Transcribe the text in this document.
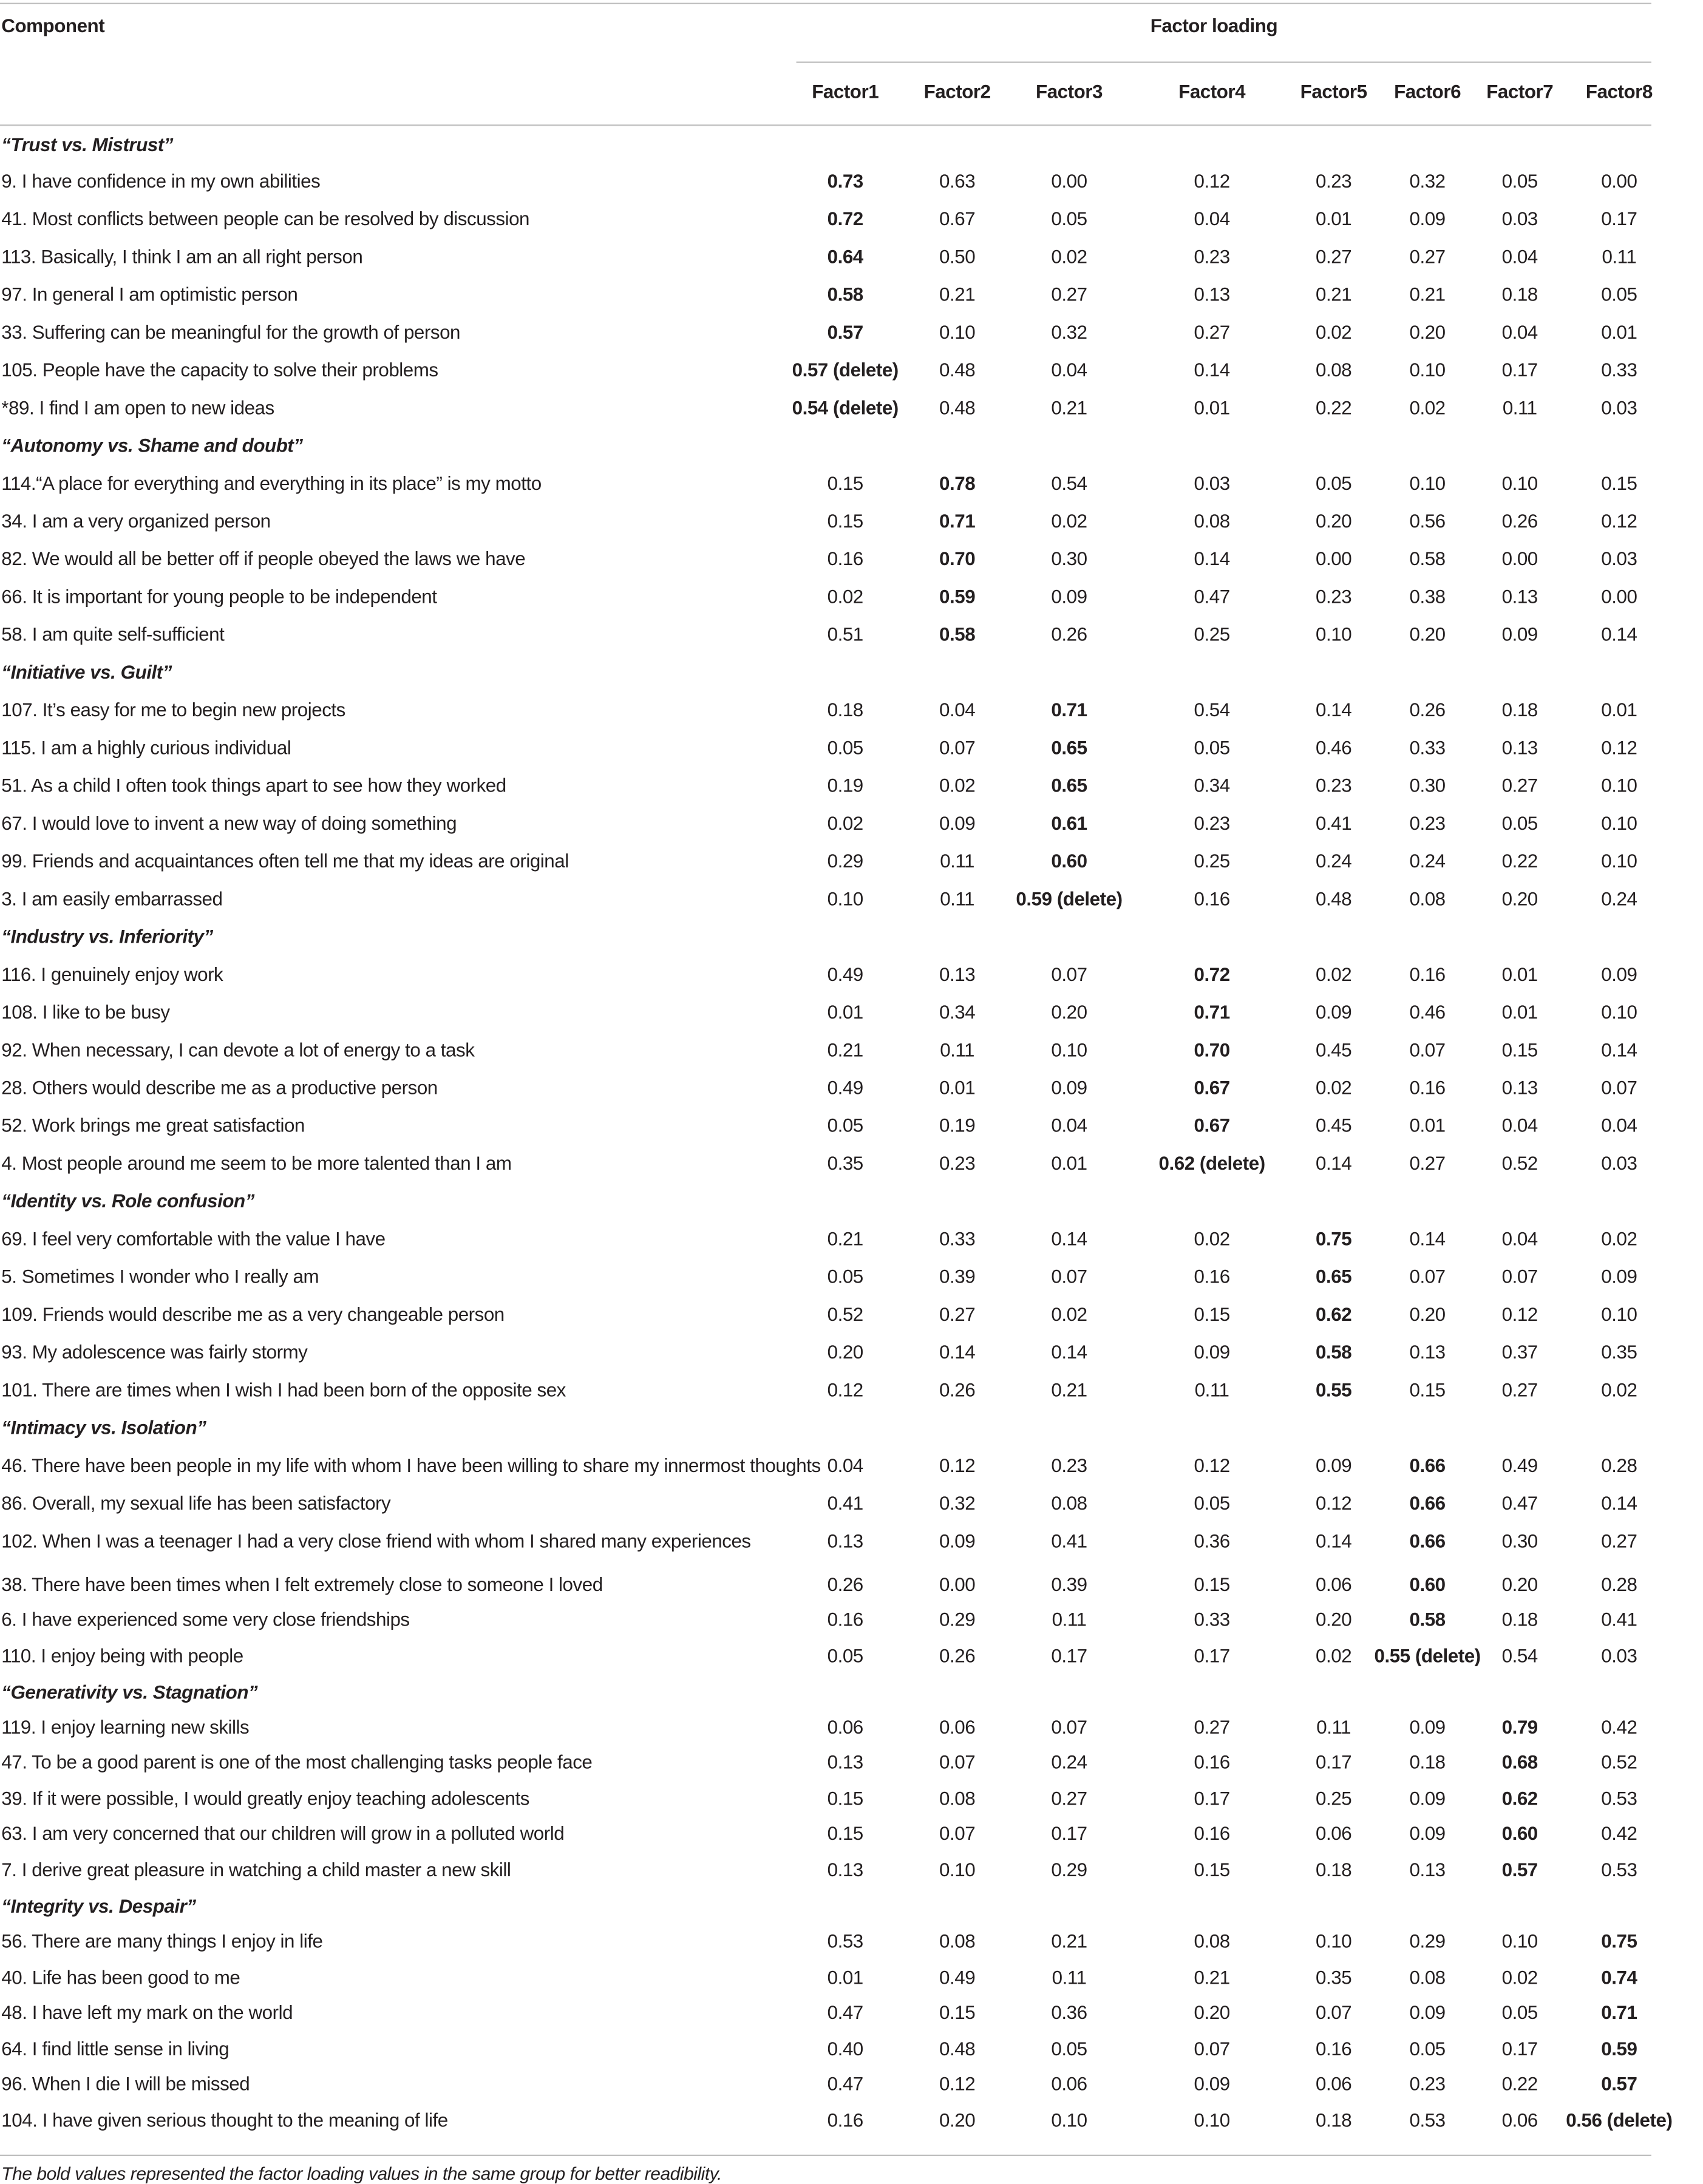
Component	Factor loading
Factor1	Factor2	Factor3	Factor4	Factor5	Factor6	Factor7	Factor8
“Trust vs. Mistrust”
9. I have confidence in my own abilities	0.73	0.63	0.00	0.12	0.23	0.32	0.05	0.00
41. Most conflicts between people can be resolved by discussion	0.72	0.67	0.05	0.04	0.01	0.09	0.03	0.17
113. Basically, I think I am an all right person	0.64	0.50	0.02	0.23	0.27	0.27	0.04	0.11
97. In general I am optimistic person	0.58	0.21	0.27	0.13	0.21	0.21	0.18	0.05
33. Suffering can be meaningful for the growth of person	0.57	0.10	0.32	0.27	0.02	0.20	0.04	0.01
105. People have the capacity to solve their problems	0.57 (delete)	0.48	0.04	0.14	0.08	0.10	0.17	0.33
*89. I find I am open to new ideas	0.54 (delete)	0.48	0.21	0.01	0.22	0.02	0.11	0.03
“Autonomy vs. Shame and doubt”
114.“A place for everything and everything in its place” is my motto	0.15	0.78	0.54	0.03	0.05	0.10	0.10	0.15
34. I am a very organized person	0.15	0.71	0.02	0.08	0.20	0.56	0.26	0.12
82. We would all be better off if people obeyed the laws we have	0.16	0.70	0.30	0.14	0.00	0.58	0.00	0.03
66. It is important for young people to be independent	0.02	0.59	0.09	0.47	0.23	0.38	0.13	0.00
58. I am quite self-sufficient	0.51	0.58	0.26	0.25	0.10	0.20	0.09	0.14
“Initiative vs. Guilt”
107. It’s easy for me to begin new projects	0.18	0.04	0.71	0.54	0.14	0.26	0.18	0.01
115. I am a highly curious individual	0.05	0.07	0.65	0.05	0.46	0.33	0.13	0.12
51. As a child I often took things apart to see how they worked	0.19	0.02	0.65	0.34	0.23	0.30	0.27	0.10
67. I would love to invent a new way of doing something	0.02	0.09	0.61	0.23	0.41	0.23	0.05	0.10
99. Friends and acquaintances often tell me that my ideas are original	0.29	0.11	0.60	0.25	0.24	0.24	0.22	0.10
3. I am easily embarrassed	0.10	0.11	0.59 (delete)	0.16	0.48	0.08	0.20	0.24
“Industry vs. Inferiority”
116. I genuinely enjoy work	0.49	0.13	0.07	0.72	0.02	0.16	0.01	0.09
108. I like to be busy	0.01	0.34	0.20	0.71	0.09	0.46	0.01	0.10
92. When necessary, I can devote a lot of energy to a task	0.21	0.11	0.10	0.70	0.45	0.07	0.15	0.14
28. Others would describe me as a productive person	0.49	0.01	0.09	0.67	0.02	0.16	0.13	0.07
52. Work brings me great satisfaction	0.05	0.19	0.04	0.67	0.45	0.01	0.04	0.04
4. Most people around me seem to be more talented than I am	0.35	0.23	0.01	0.62 (delete)	0.14	0.27	0.52	0.03
“Identity vs. Role confusion”
69. I feel very comfortable with the value I have	0.21	0.33	0.14	0.02	0.75	0.14	0.04	0.02
5. Sometimes I wonder who I really am	0.05	0.39	0.07	0.16	0.65	0.07	0.07	0.09
109. Friends would describe me as a very changeable person	0.52	0.27	0.02	0.15	0.62	0.20	0.12	0.10
93. My adolescence was fairly stormy	0.20	0.14	0.14	0.09	0.58	0.13	0.37	0.35
101. There are times when I wish I had been born of the opposite sex	0.12	0.26	0.21	0.11	0.55	0.15	0.27	0.02
“Intimacy vs. Isolation”
46. There have been people in my life with whom I have been willing to share my innermost thoughts 0.04	0.12	0.23	0.12	0.09	0.66	0.49	0.28
86. Overall, my sexual life has been satisfactory	0.41	0.32	0.08	0.05	0.12	0.66	0.47	0.14
102. When I was a teenager I had a very close friend with whom I shared many experiences	0.13	0.09	0.41	0.36	0.14	0.66	0.30	0.27
38. There have been times when I felt extremely close to someone I loved	0.26	0.00	0.39	0.15	0.06	0.60	0.20	0.28
6. I have experienced some very close friendships	0.16	0.29	0.11	0.33	0.20	0.58	0.18	0.41
110. I enjoy being with people	0.05	0.26	0.17	0.17	0.02	0.55 (delete)	0.54	0.03
“Generativity vs. Stagnation”
119. I enjoy learning new skills	0.06	0.06	0.07	0.27	0.11	0.09	0.79	0.42
47. To be a good parent is one of the most challenging tasks people face	0.13	0.07	0.24	0.16	0.17	0.18	0.68	0.52
39. If it were possible, I would greatly enjoy teaching adolescents	0.15	0.08	0.27	0.17	0.25	0.09	0.62	0.53
63. I am very concerned that our children will grow in a polluted world	0.15	0.07	0.17	0.16	0.06	0.09	0.60	0.42
7. I derive great pleasure in watching a child master a new skill	0.13	0.10	0.29	0.15	0.18	0.13	0.57	0.53
“Integrity vs. Despair”
56. There are many things I enjoy in life	0.53	0.08	0.21	0.08	0.10	0.29	0.10	0.75
40. Life has been good to me	0.01	0.49	0.11	0.21	0.35	0.08	0.02	0.74
48. I have left my mark on the world	0.47	0.15	0.36	0.20	0.07	0.09	0.05	0.71
64. I find little sense in living	0.40	0.48	0.05	0.07	0.16	0.05	0.17	0.59
96. When I die I will be missed	0.47	0.12	0.06	0.09	0.06	0.23	0.22	0.57
104. I have given serious thought to the meaning of life	0.16	0.20	0.10	0.10	0.18	0.53	0.06	0.56 (delete)
The bold values represented the factor loading values in the same group for better readibility.
